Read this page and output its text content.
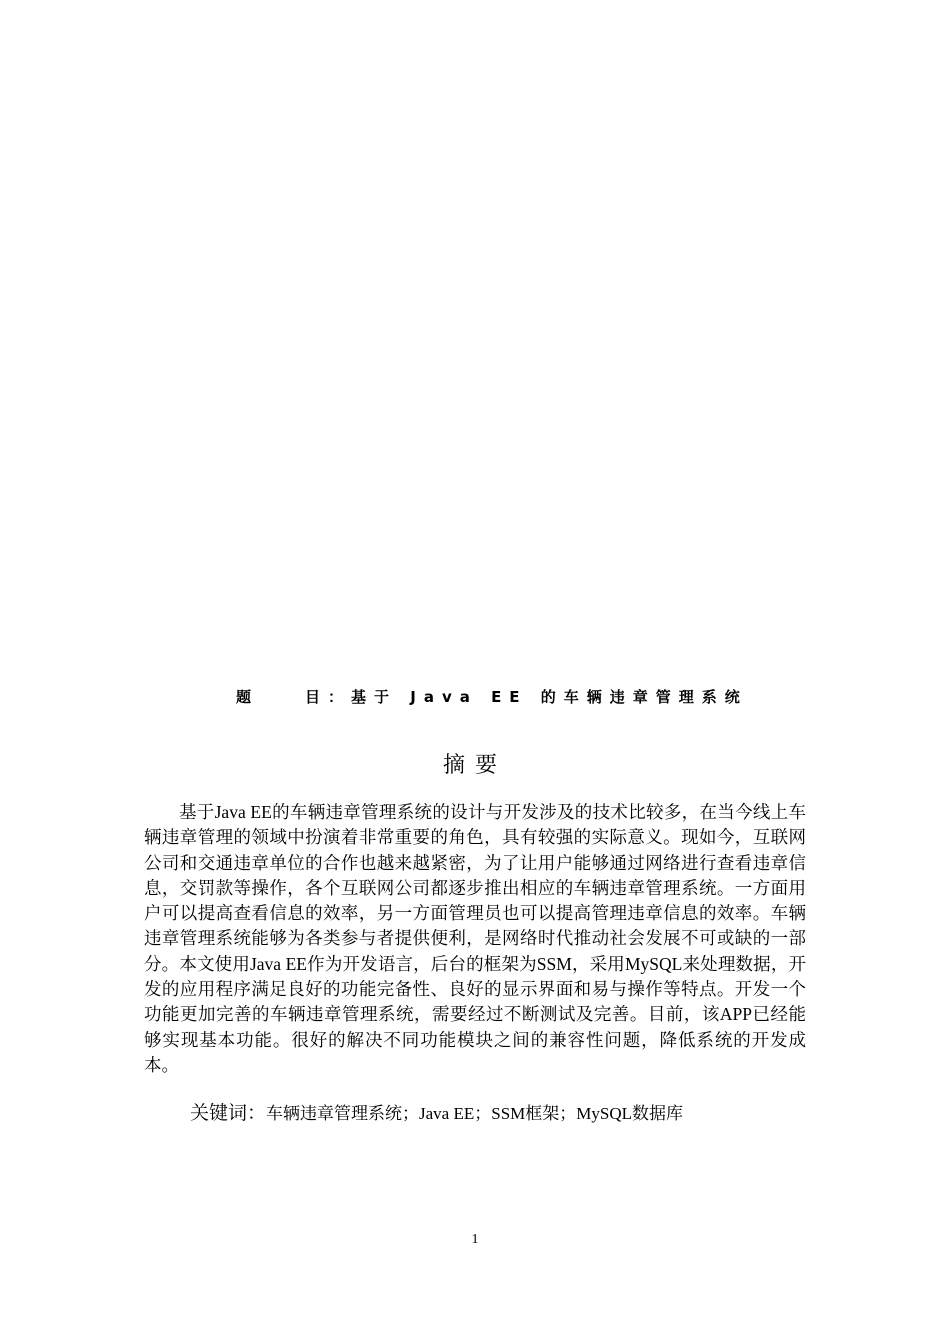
题　　目：基于 Java EE 的车辆违章管理系统
摘要

基于Java EE的车辆违章管理系统的设计与开发涉及的技术比较多，在当今线上车辆违章管理的领域中扮演着非常重要的角色，具有较强的实际意义。现如今，互联网公司和交通违章单位的合作也越来越紧密，为了让用户能够通过网络进行查看违章信息，交罚款等操作，各个互联网公司都逐步推出相应的车辆违章管理系统。一方面用户可以提高查看信息的效率，另一方面管理员也可以提高管理违章信息的效率。车辆违章管理系统能够为各类参与者提供便利，是网络时代推动社会发展不可或缺的一部分。本文使用Java EE作为开发语言，后台的框架为SSM，采用MySQL来处理数据，开发的应用程序满足良好的功能完备性、良好的显示界面和易与操作等特点。开发一个功能更加完善的车辆违章管理系统，需要经过不断测试及完善。目前，该APP已经能够实现基本功能。很好的解决不同功能模块之间的兼容性问题，降低系统的开发成本。

关键词：车辆违章管理系统；Java EE；SSM框架；MySQL数据库
1
